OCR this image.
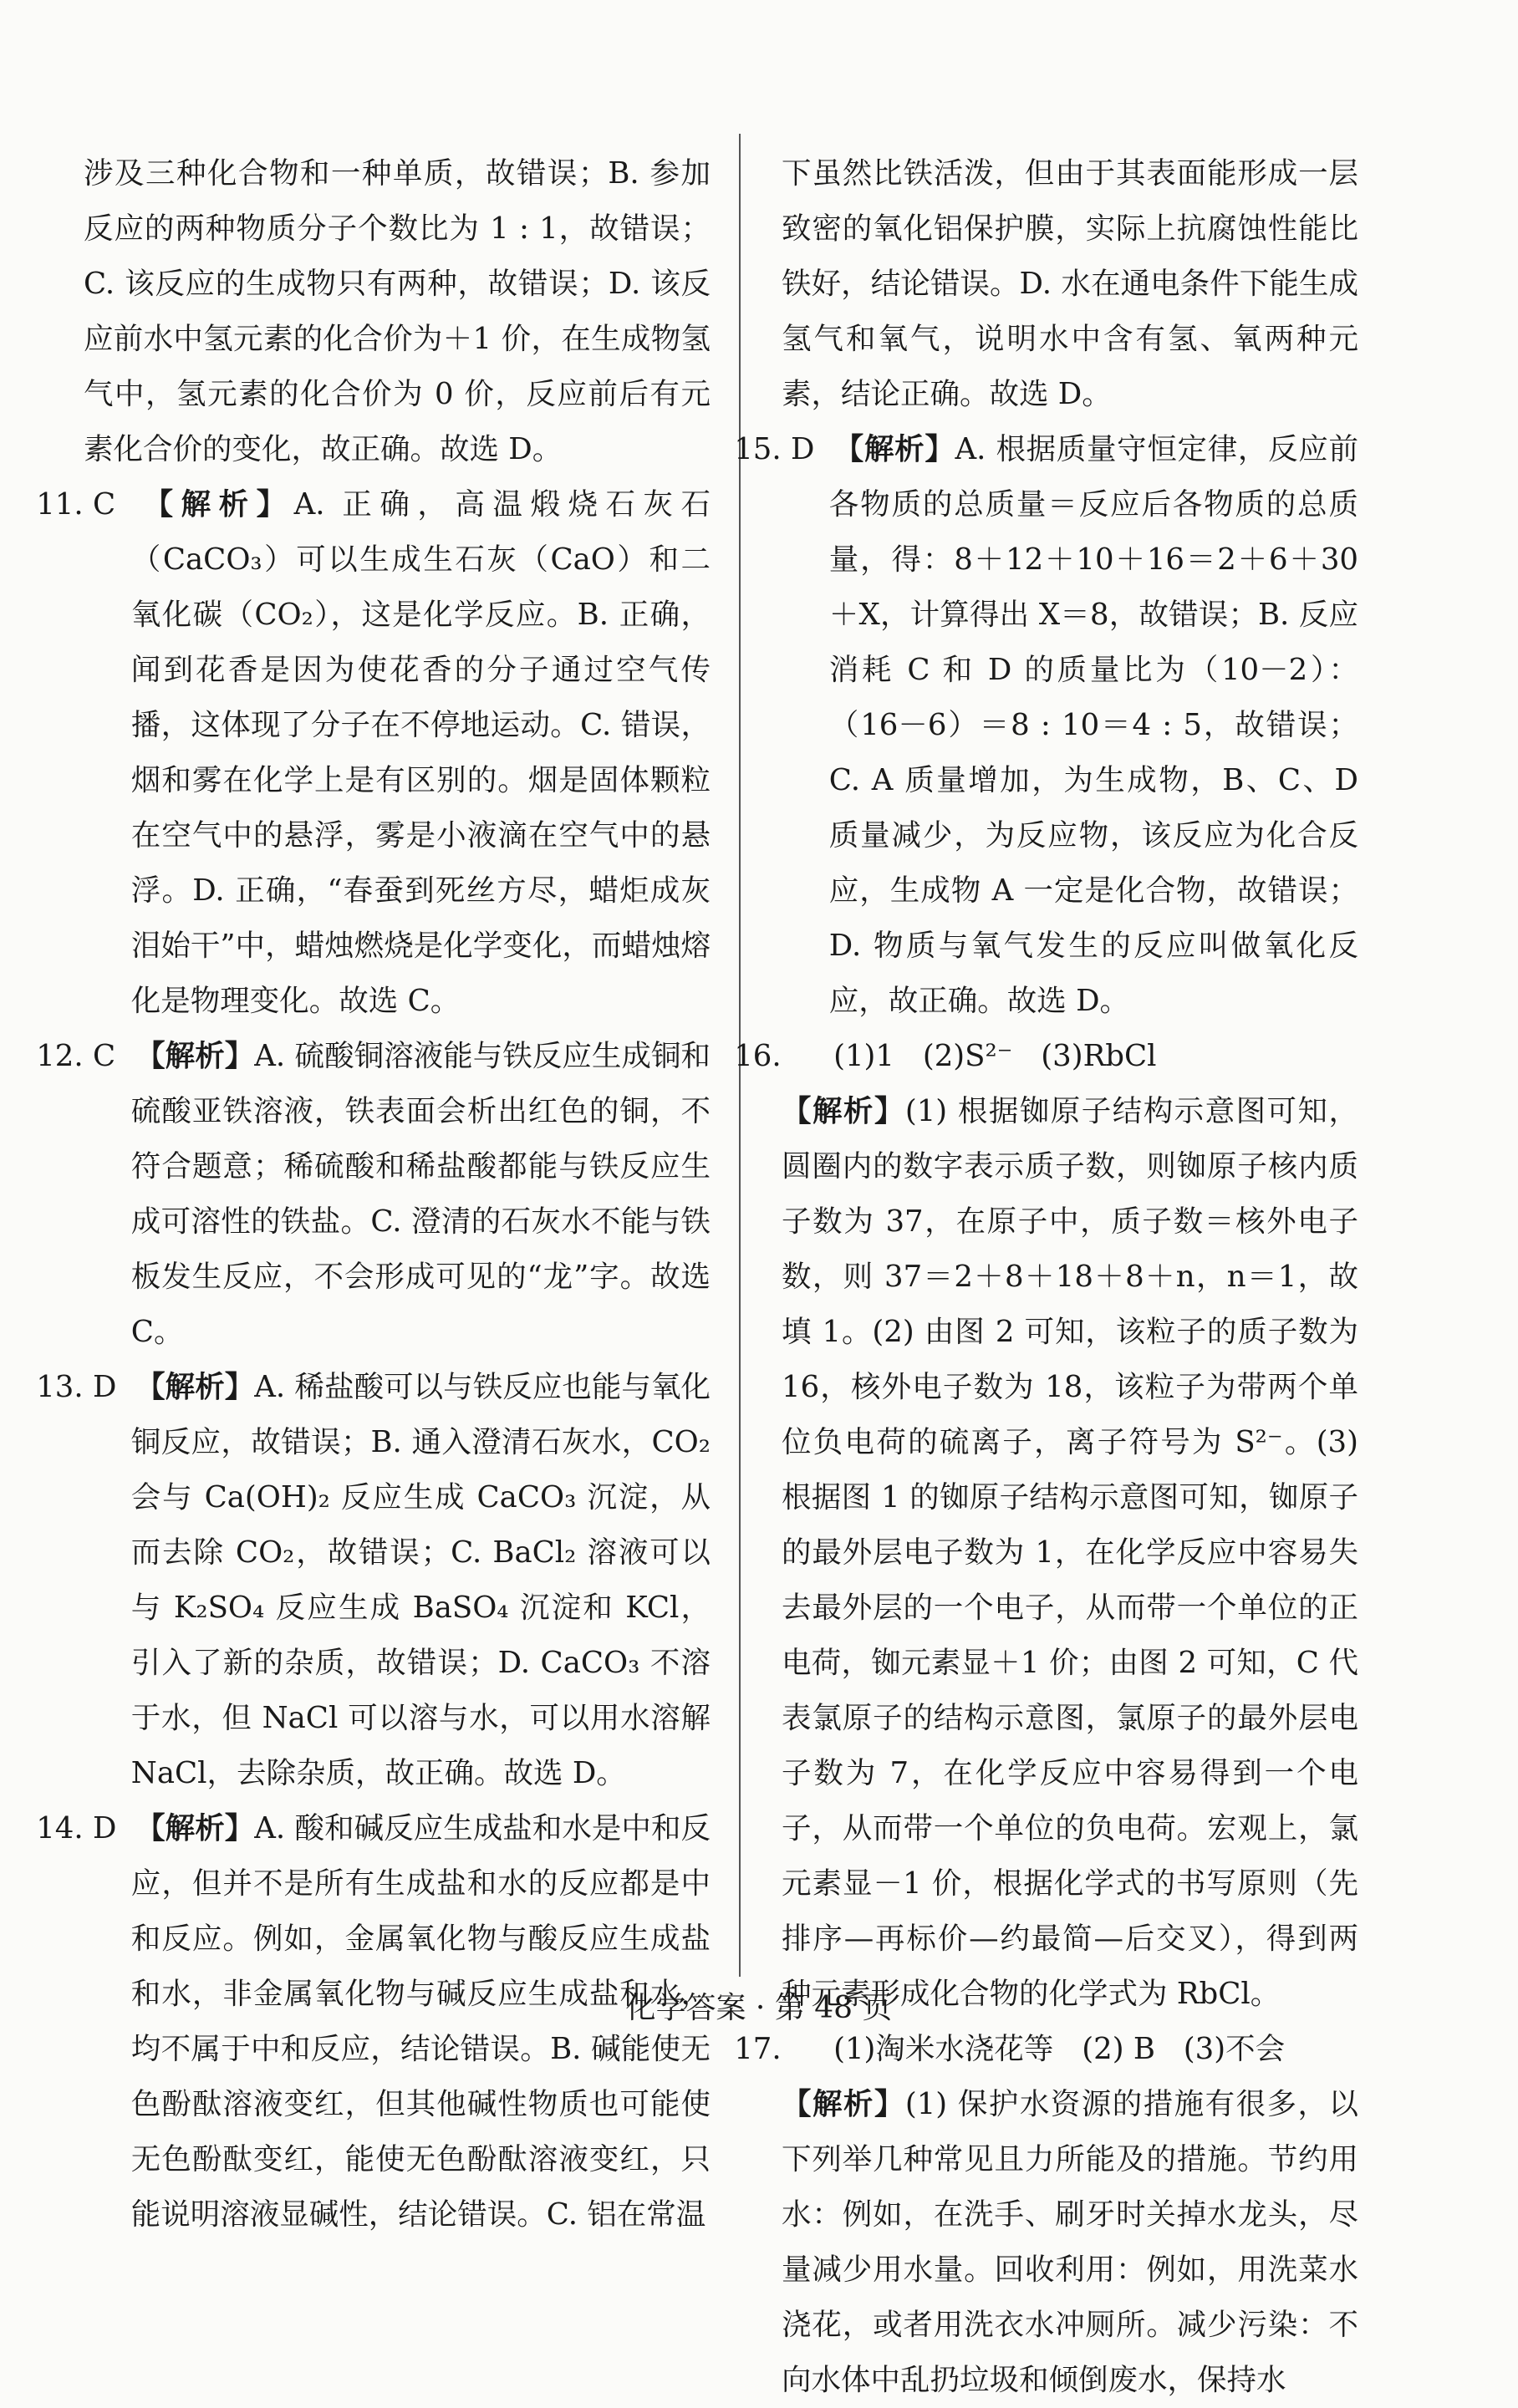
涉及三种化合物和一种单质，故错误；B. 参加反应的两种物质分子个数比为 1 : 1，故错误；C. 该反应的生成物只有两种，故错误；D. 该反应前水中氢元素的化合价为＋1 价，在生成物氢气中，氢元素的化合价为 0 价，反应前后有元素化合价的变化，故正确。故选 D。

11. C 【解析】A. 正确，高温煅烧石灰石（CaCO₃）可以生成生石灰（CaO）和二氧化碳（CO₂），这是化学反应。B. 正确，闻到花香是因为使花香的分子通过空气传播，这体现了分子在不停地运动。C. 错误，烟和雾在化学上是有区别的。烟是固体颗粒在空气中的悬浮，雾是小液滴在空气中的悬浮。D. 正确，“春蚕到死丝方尽，蜡炬成灰泪始干”中，蜡烛燃烧是化学变化，而蜡烛熔化是物理变化。故选 C。

12. C 【解析】A. 硫酸铜溶液能与铁反应生成铜和硫酸亚铁溶液，铁表面会析出红色的铜，不符合题意；稀硫酸和稀盐酸都能与铁反应生成可溶性的铁盐。C. 澄清的石灰水不能与铁板发生反应，不会形成可见的“龙”字。故选 C。

13. D 【解析】A. 稀盐酸可以与铁反应也能与氧化铜反应，故错误；B. 通入澄清石灰水，CO₂ 会与 Ca(OH)₂ 反应生成 CaCO₃ 沉淀，从而去除 CO₂，故错误；C. BaCl₂ 溶液可以与 K₂SO₄ 反应生成 BaSO₄ 沉淀和 KCl，引入了新的杂质，故错误；D. CaCO₃ 不溶于水，但 NaCl 可以溶与水，可以用水溶解 NaCl，去除杂质，故正确。故选 D。

14. D 【解析】A. 酸和碱反应生成盐和水是中和反应，但并不是所有生成盐和水的反应都是中和反应。例如，金属氧化物与酸反应生成盐和水，非金属氧化物与碱反应生成盐和水，均不属于中和反应，结论错误。B. 碱能使无色酚酞溶液变红，但其他碱性物质也可能使无色酚酞变红，能使无色酚酞溶液变红，只能说明溶液显碱性，结论错误。C. 铝在常温

下虽然比铁活泼，但由于其表面能形成一层致密的氧化铝保护膜，实际上抗腐蚀性能比铁好，结论错误。D. 水在通电条件下能生成氢气和氧气，说明水中含有氢、氧两种元素，结论正确。故选 D。

15. D 【解析】A. 根据质量守恒定律，反应前各物质的总质量＝反应后各物质的总质量，得：8＋12＋10＋16＝2＋6＋30＋X，计算得出 X＝8，故错误；B. 反应消耗 C 和 D 的质量比为（10－2）：（16－6）＝8 : 10＝4 : 5，故错误；C. A 质量增加，为生成物，B、C、D 质量减少，为反应物，该反应为化合反应，生成物 A 一定是化合物，故错误；D. 物质与氧气发生的反应叫做氧化反应，故正确。故选 D。

16. (1)1 (2)S²⁻ (3)RbCl

【解析】(1) 根据铷原子结构示意图可知，圆圈内的数字表示质子数，则铷原子核内质子数为 37，在原子中，质子数＝核外电子数，则 37＝2＋8＋18＋8＋n，n＝1，故填 1。(2) 由图 2 可知，该粒子的质子数为 16，核外电子数为 18，该粒子为带两个单位负电荷的硫离子，离子符号为 S²⁻。(3) 根据图 1 的铷原子结构示意图可知，铷原子的最外层电子数为 1，在化学反应中容易失去最外层的一个电子，从而带一个单位的正电荷，铷元素显＋1 价；由图 2 可知，C 代表氯原子的结构示意图，氯原子的最外层电子数为 7，在化学反应中容易得到一个电子，从而带一个单位的负电荷。宏观上，氯元素显－1 价，根据化学式的书写原则（先排序—再标价—约最简—后交叉），得到两种元素形成化合物的化学式为 RbCl。

17. (1)淘米水浇花等 (2) B (3)不会

【解析】(1) 保护水资源的措施有很多，以下列举几种常见且力所能及的措施。节约用水：例如，在洗手、刷牙时关掉水龙头，尽量减少用水量。回收利用：例如，用洗菜水浇花，或者用洗衣水冲厕所。减少污染：不向水体中乱扔垃圾和倾倒废水，保持水

化学答案 · 第 48 页
